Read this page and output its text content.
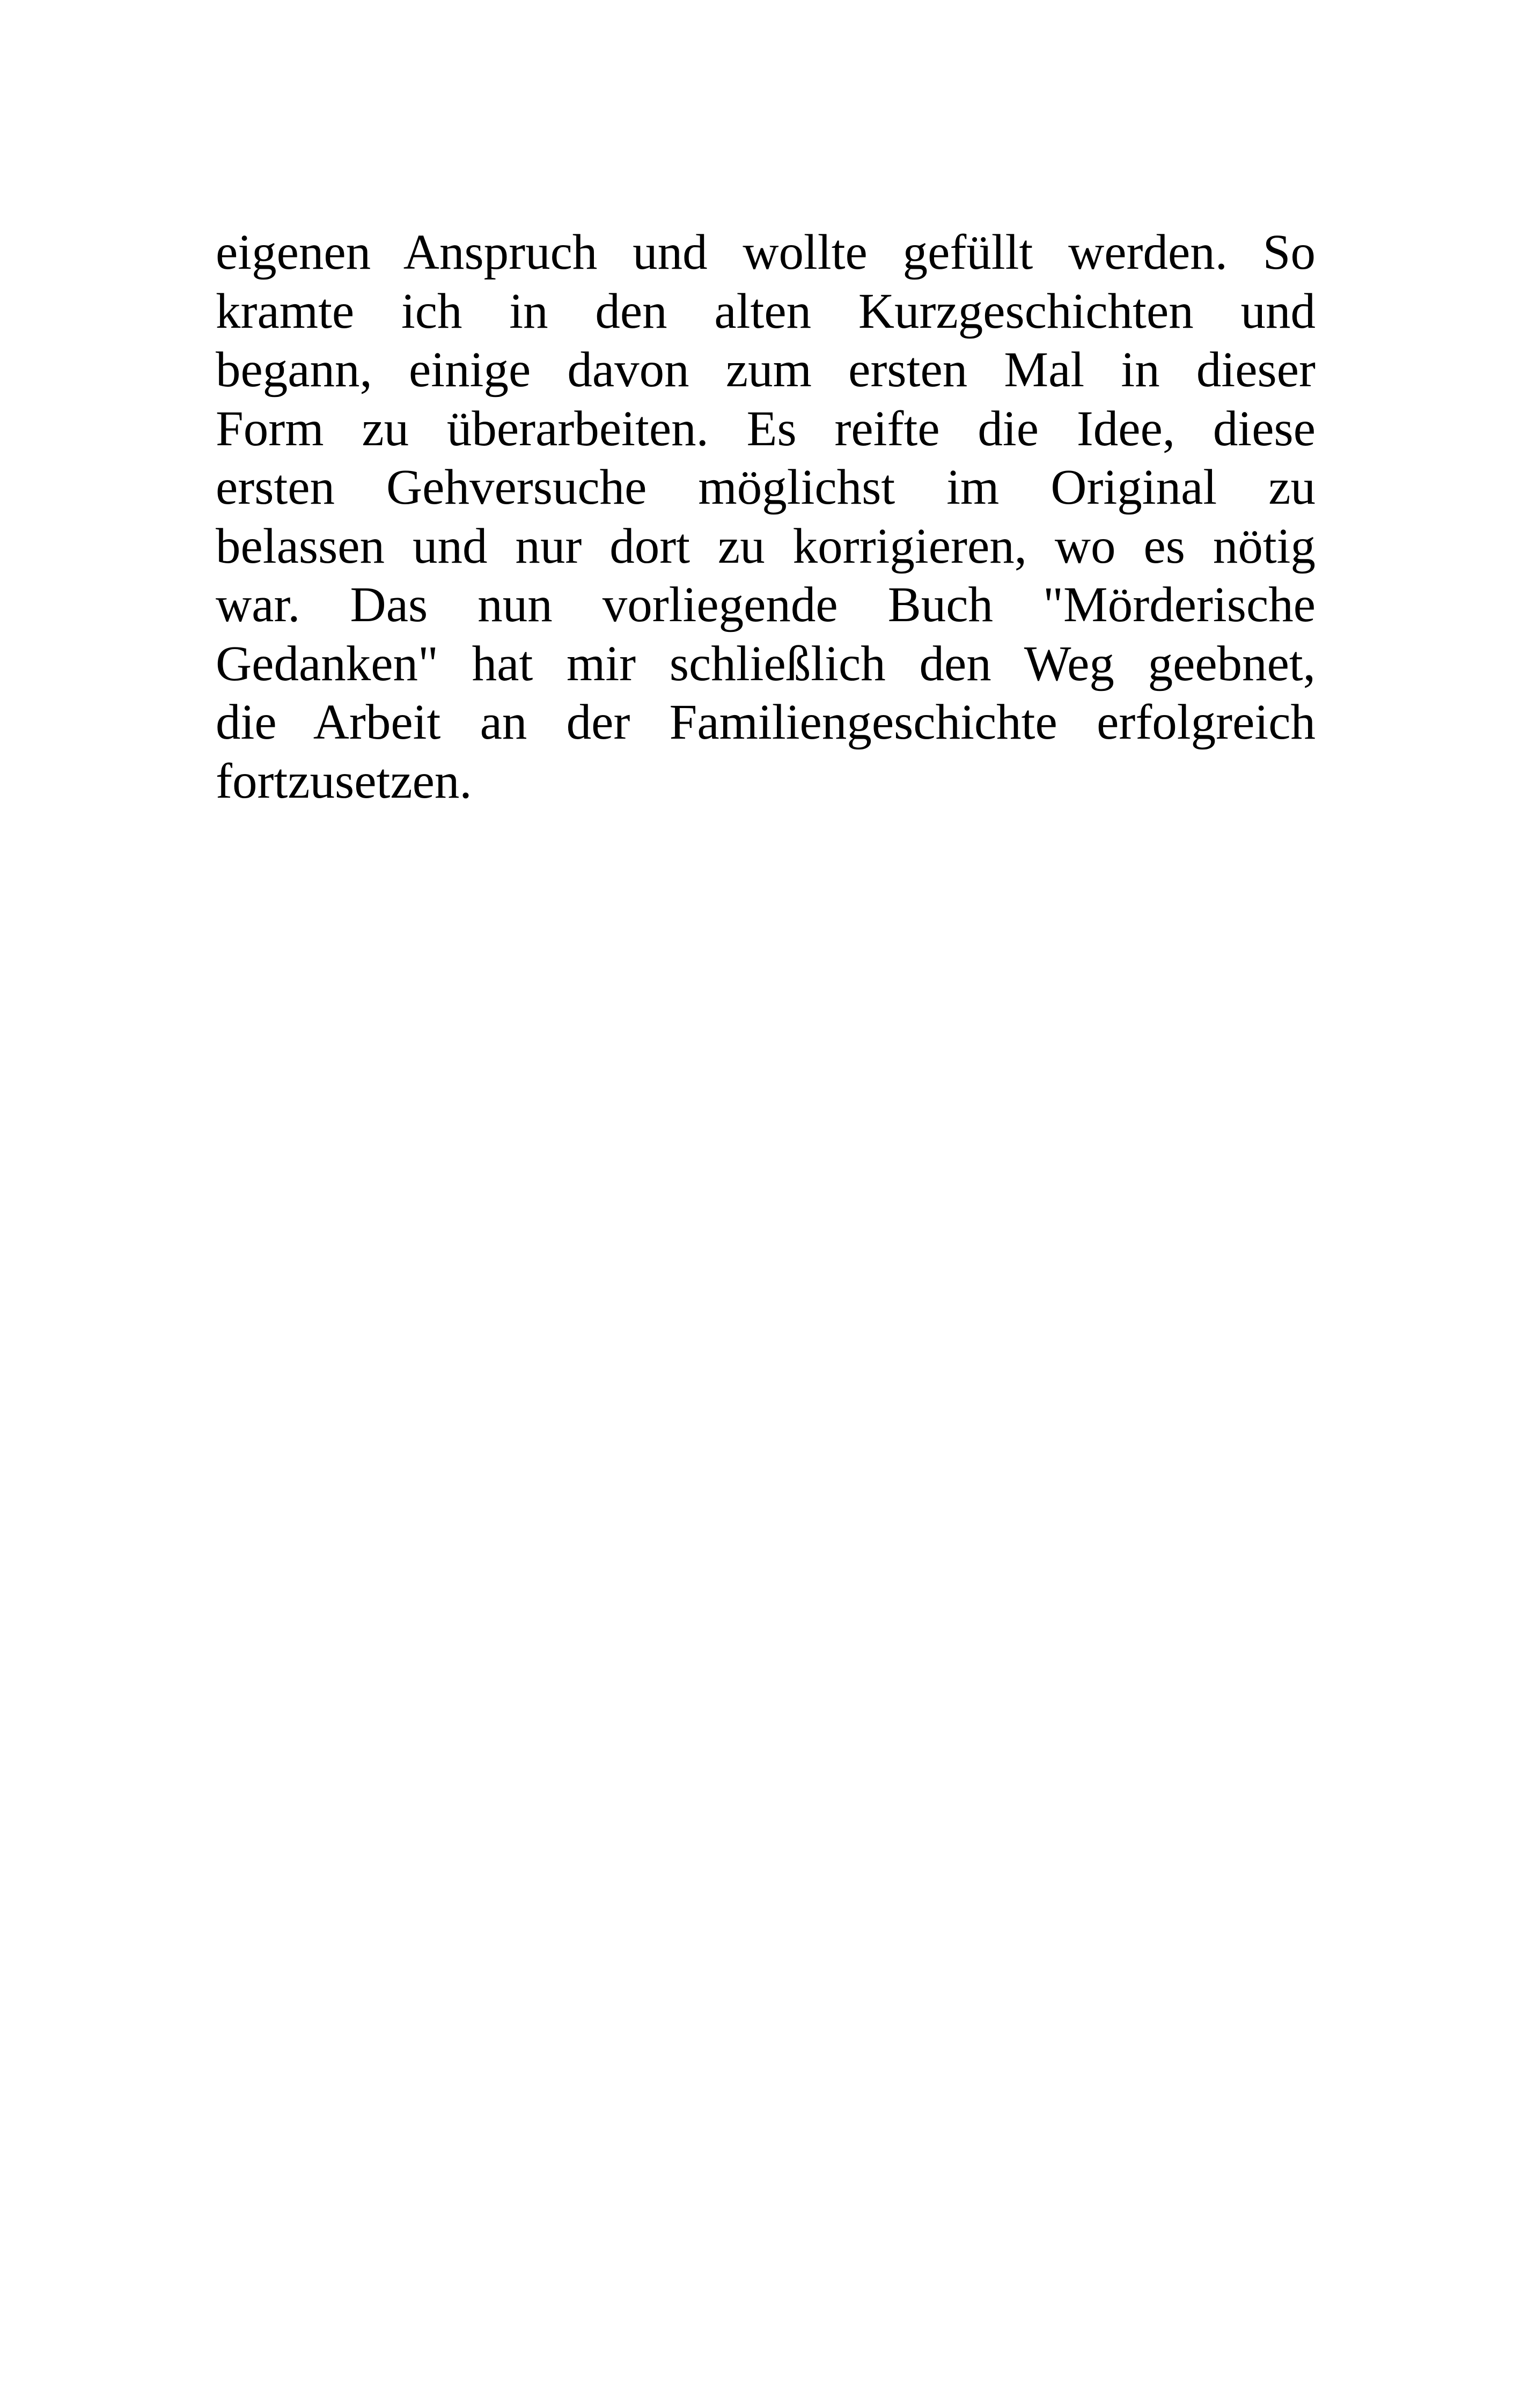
eigenen Anspruch und wollte gefüllt werden. So
kramte ich in den alten Kurzgeschichten und
begann, einige davon zum ersten Mal in dieser
Form zu überarbeiten. Es reifte die Idee, diese
ersten Gehversuche möglichst im Original zu
belassen und nur dort zu korrigieren, wo es nötig
war. Das nun vorliegende Buch "Mörderische
Gedanken" hat mir schließlich den Weg geebnet,
die Arbeit an der Familiengeschichte erfolgreich
fortzusetzen.
